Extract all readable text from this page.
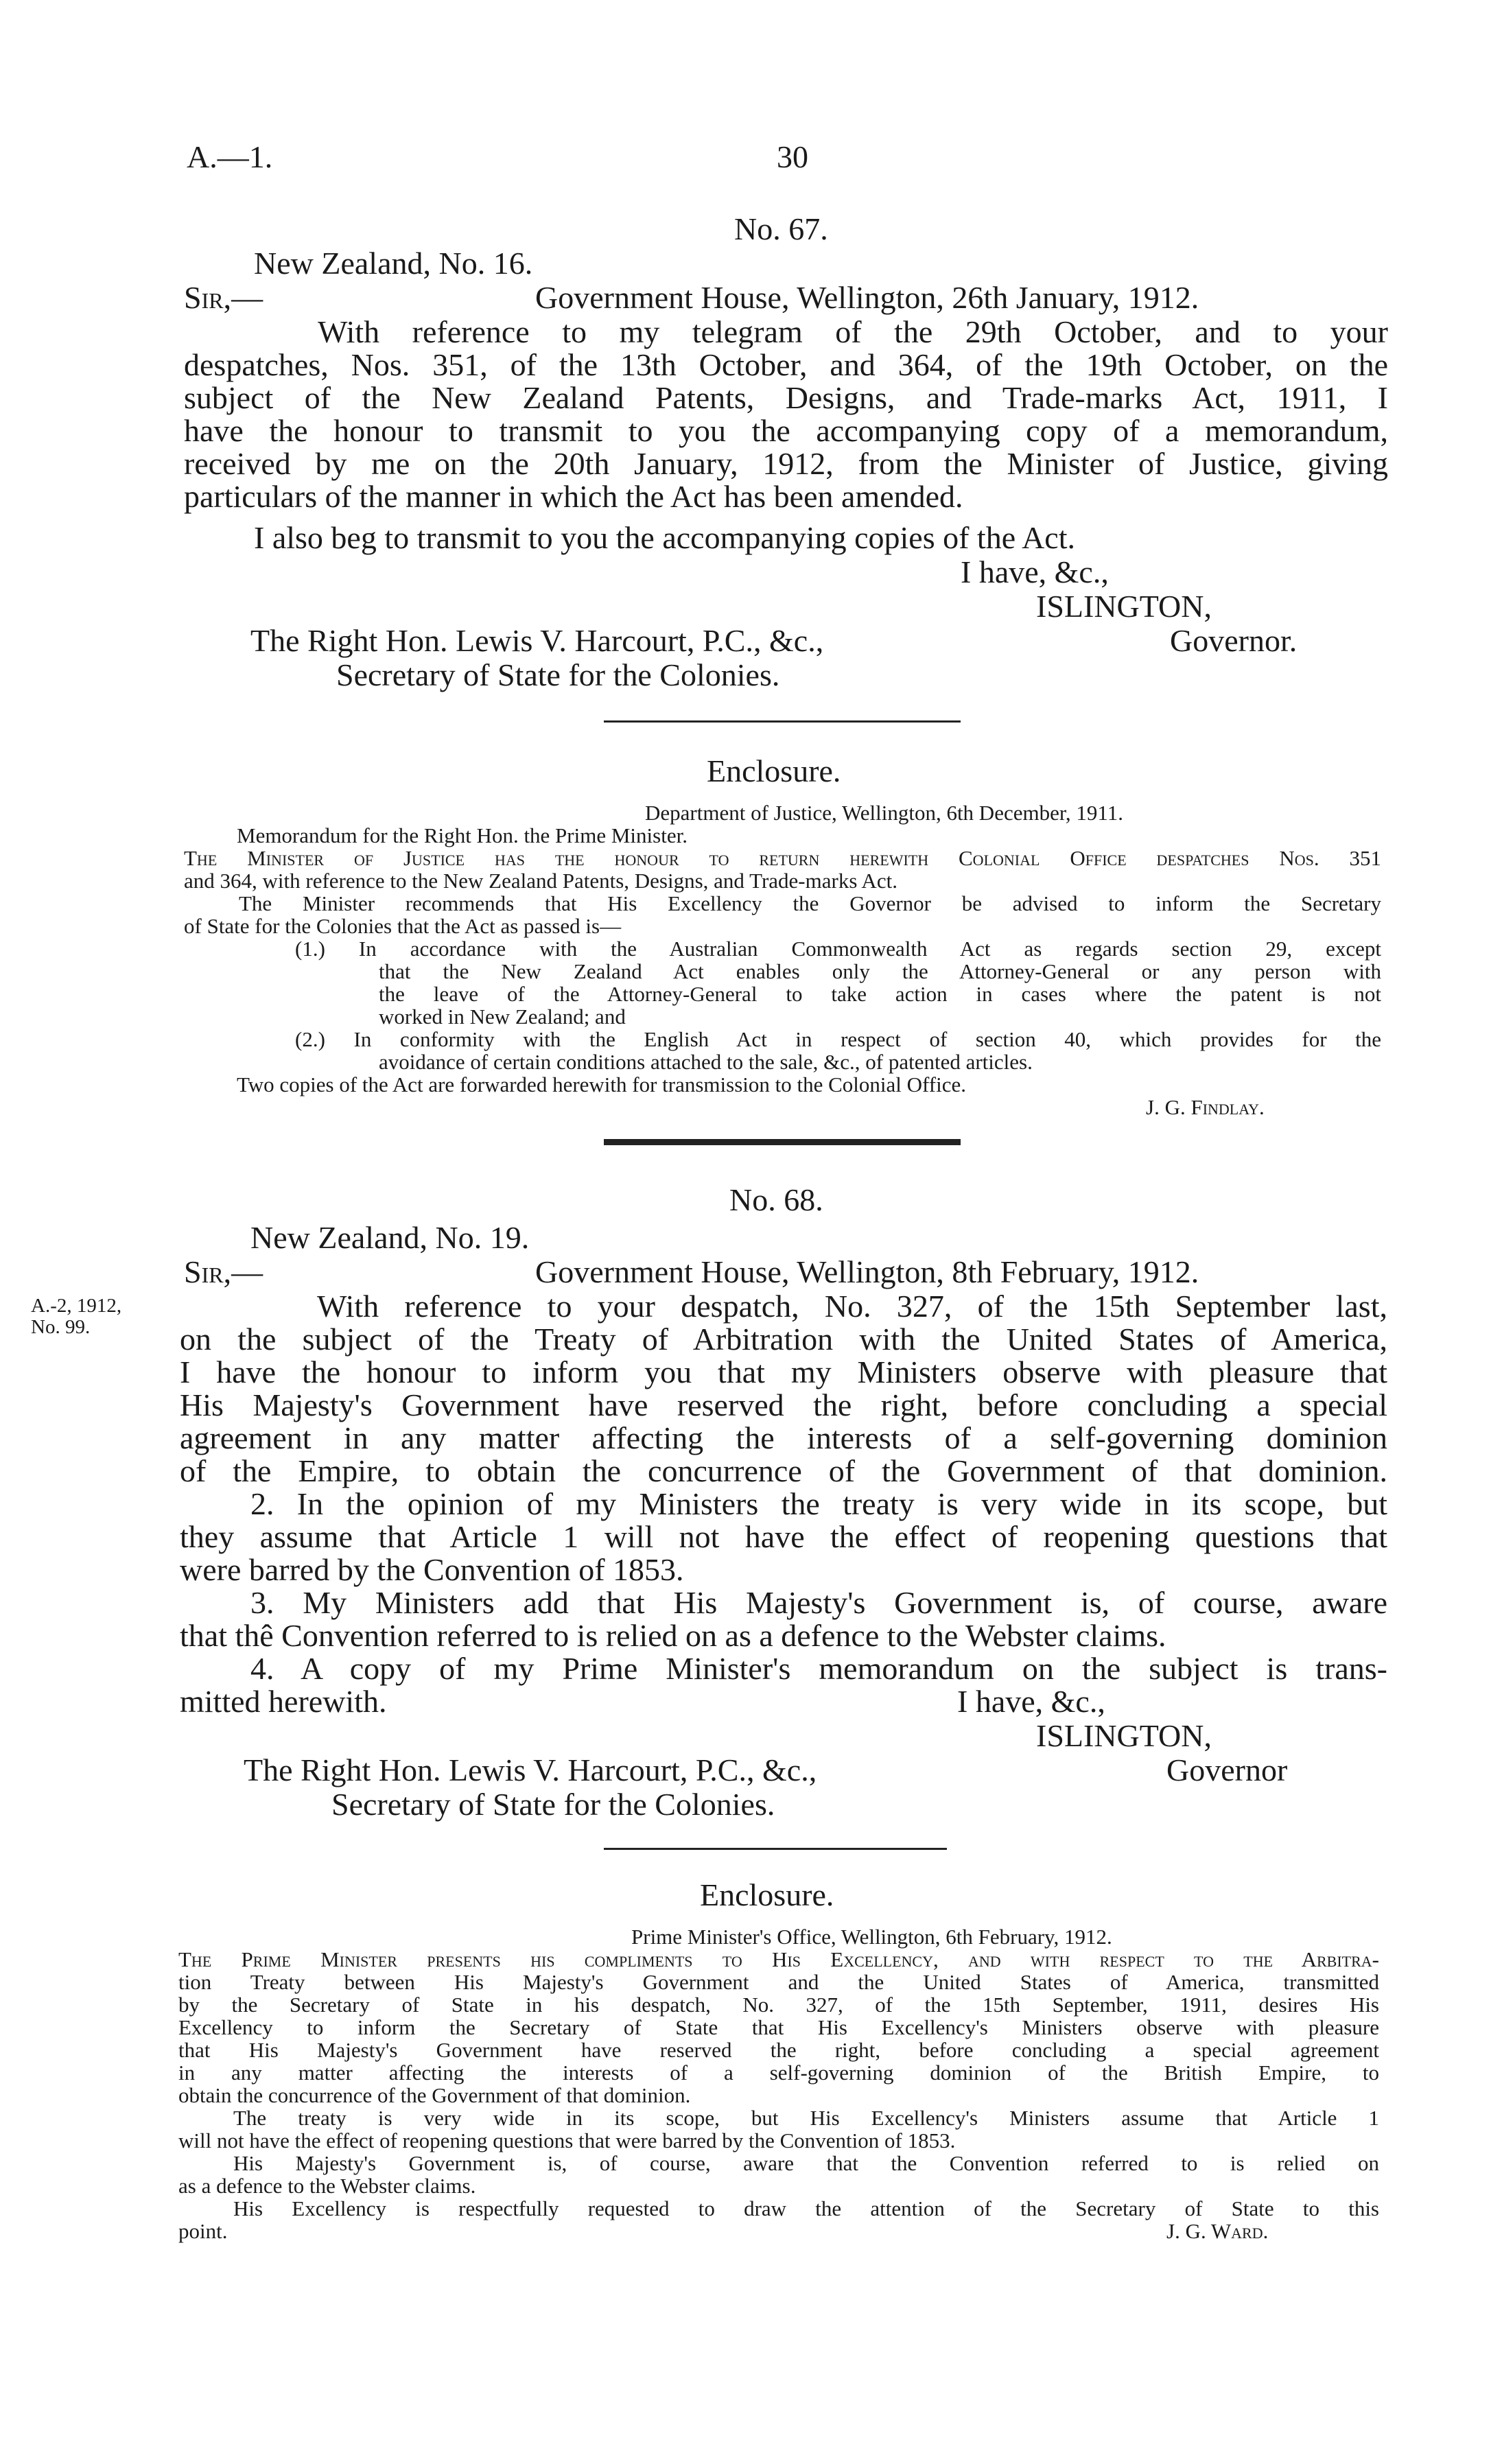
A.—1.	30
No. 67.
New Zealand, No. 16.
Sir,—	Government House, Wellington, 26th January, 1912.
With reference to my telegram of the 29th October, and to your
despatches, Nos. 351, of the 13th October, and 364, of the 19th October, on the
subject of the New Zealand Patents, Designs, and Trade-marks Act, 1911, I
have the honour to transmit to you the accompanying copy of a memorandum,
received by me on the 20th January, 1912, from the Minister of Justice, giving
particulars of the manner in which the Act has been amended.
I also beg to transmit to you the accompanying copies of the Act.
I have, &c.,
ISLINGTON,
The Right Hon. Lewis V. Harcourt, P.C., &c.,	Governor.
Secretary of State for the Colonies.
Enclosure.
Department of Justice, Wellington, 6th December, 1911.
Memorandum for the Right Hon. the Prime Minister.
The Minister of Justice has the honour to return herewith Colonial Office despatches Nos. 351
and 364, with reference to the New Zealand Patents, Designs, and Trade-marks Act.
The Minister recommends that His Excellency the Governor be advised to inform the Secretary
of State for the Colonies that the Act as passed is—
(1.) In accordance with the Australian Commonwealth Act as regards section 29, except
that the New Zealand Act enables only the Attorney-General or any person with
the leave of the Attorney-General to take action in cases where the patent is not
worked in New Zealand; and
(2.) In conformity with the English Act in respect of section 40, which provides for the
avoidance of certain conditions attached to the sale, &c., of patented articles.
Two copies of the Act are forwarded herewith for transmission to the Colonial Office.
J. G. Findlay.
No. 68.
New Zealand, No. 19.
Sir,—	Government House, Wellington, 8th February, 1912.
A.-2, 1912,
No. 99.
With reference to your despatch, No. 327, of the 15th September last,
on the subject of the Treaty of Arbitration with the United States of America,
I have the honour to inform you that my Ministers observe with pleasure that
His Majesty's Government have reserved the right, before concluding a special
agreement in any matter affecting the interests of a self-governing dominion
of the Empire, to obtain the concurrence of the Government of that dominion.
2. In the opinion of my Ministers the treaty is very wide in its scope, but
they assume that Article 1 will not have the effect of reopening questions that
were barred by the Convention of 1853.
3. My Ministers add that His Majesty's Government is, of course, aware
that thê Convention referred to is relied on as a defence to the Webster claims.
4. A copy of my Prime Minister's memorandum on the subject is trans-
mitted herewith.	I have, &c.,
ISLINGTON,
The Right Hon. Lewis V. Harcourt, P.C., &c.,	Governor
Secretary of State for the Colonies.
Enclosure.
Prime Minister's Office, Wellington, 6th February, 1912.
The Prime Minister presents his compliments to His Excellency, and with respect to the Arbitra-
tion Treaty between His Majesty's Government and the United States of America, transmitted
by the Secretary of State in his despatch, No. 327, of the 15th September, 1911, desires His
Excellency to inform the Secretary of State that His Excellency's Ministers observe with pleasure
that His Majesty's Government have reserved the right, before concluding a special agreement
in any matter affecting the interests of a self-governing dominion of the British Empire, to
obtain the concurrence of the Government of that dominion.
The treaty is very wide in its scope, but His Excellency's Ministers assume that Article 1
will not have the effect of reopening questions that were barred by the Convention of 1853.
His Majesty's Government is, of course, aware that the Convention referred to is relied on
as a defence to the Webster claims.
His Excellency is respectfully requested to draw the attention of the Secretary of State to this
point.	J. G. Ward.
